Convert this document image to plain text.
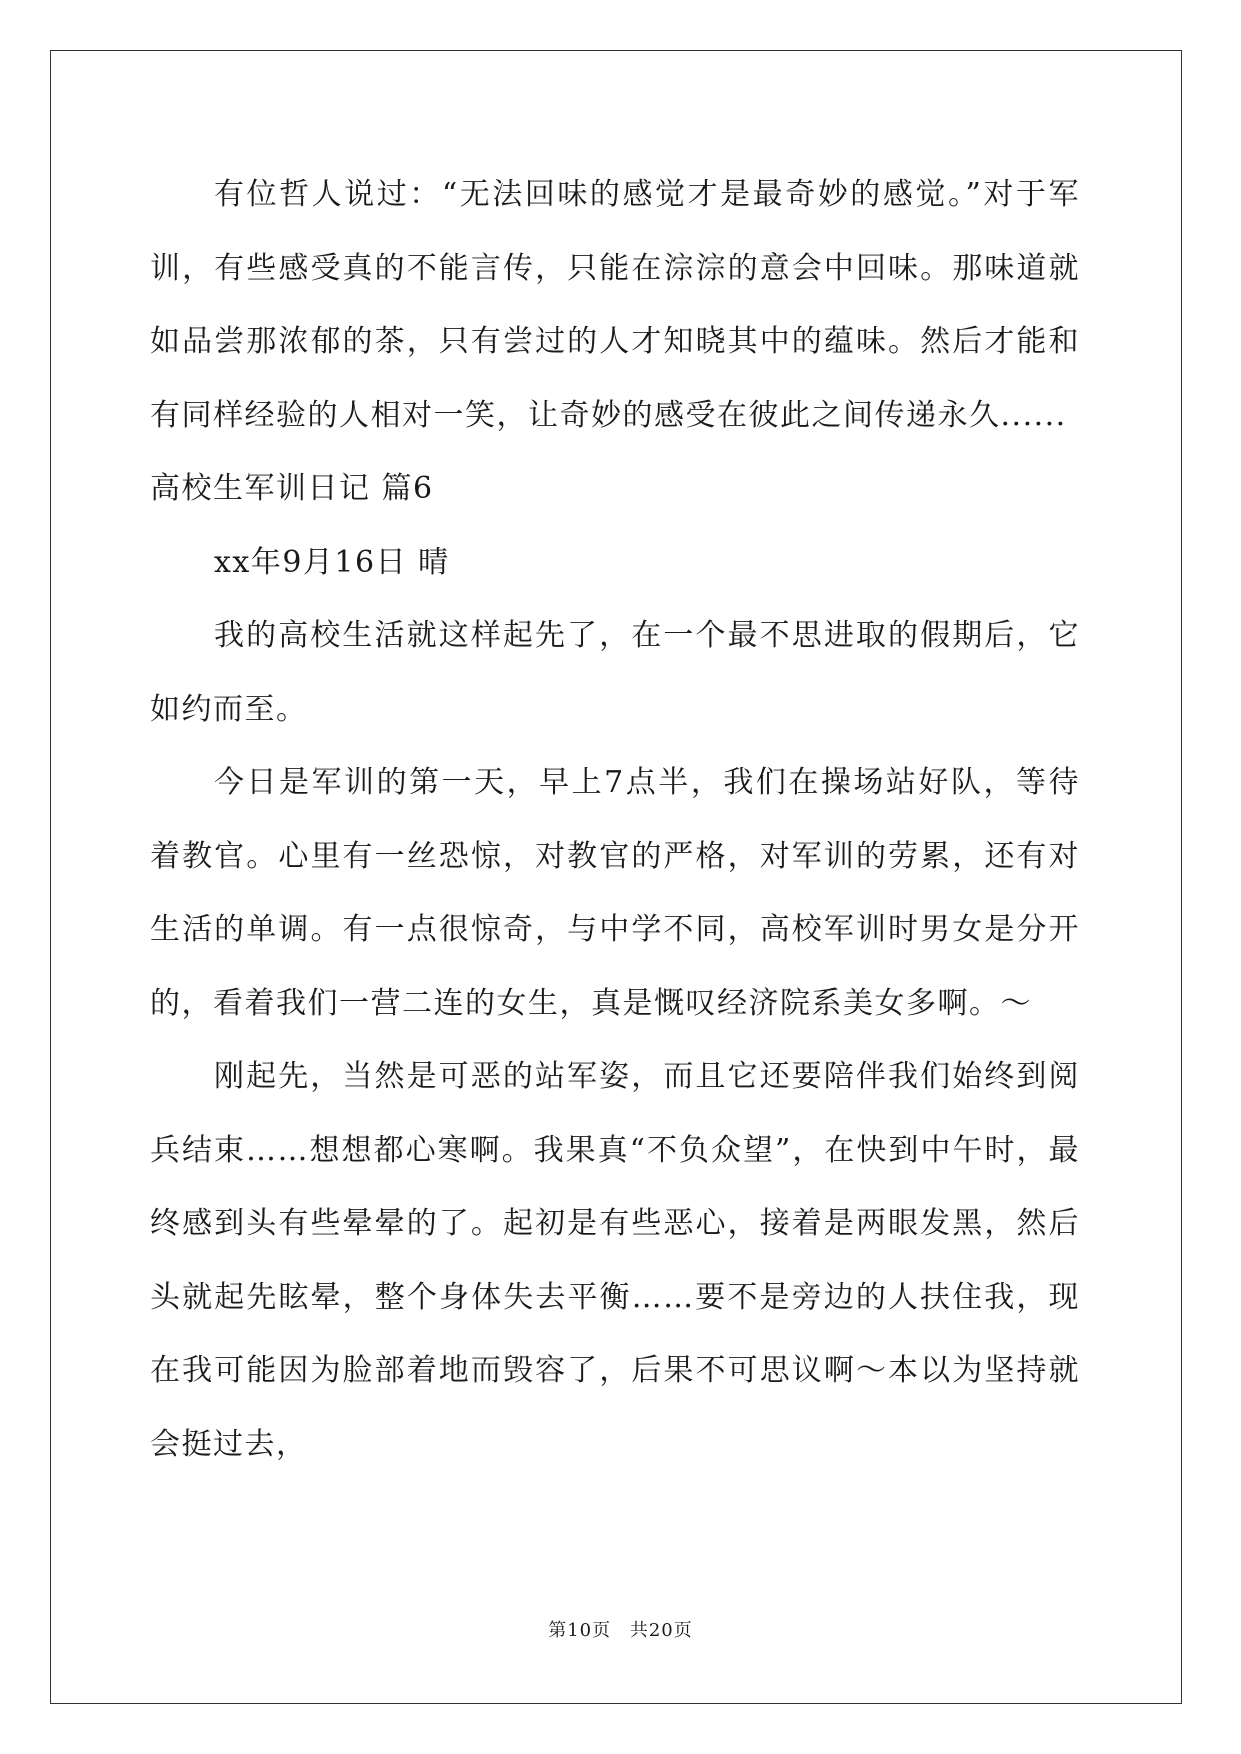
有位哲人说过：“无法回味的感觉才是最奇妙的感觉。”对于军训，有些感受真的不能言传，只能在淙淙的意会中回味。那味道就如品尝那浓郁的茶，只有尝过的人才知晓其中的蕴味。然后才能和有同样经验的人相对一笑，让奇妙的感受在彼此之间传递永久......

高校生军训日记 篇6

xx年9月16日 晴

我的高校生活就这样起先了，在一个最不思进取的假期后，它如约而至。

今日是军训的第一天，早上7点半，我们在操场站好队，等待着教官。心里有一丝恐惊，对教官的严格，对军训的劳累，还有对生活的单调。有一点很惊奇，与中学不同，高校军训时男女是分开的，看着我们一营二连的女生，真是慨叹经济院系美女多啊。～

刚起先，当然是可恶的站军姿，而且它还要陪伴我们始终到阅兵结束……想想都心寒啊。我果真“不负众望”，在快到中午时，最终感到头有些晕晕的了。起初是有些恶心，接着是两眼发黑，然后头就起先眩晕，整个身体失去平衡……要不是旁边的人扶住我，现在我可能因为脸部着地而毁容了，后果不可思议啊～本以为坚持就会挺过去，

第10页 共20页
